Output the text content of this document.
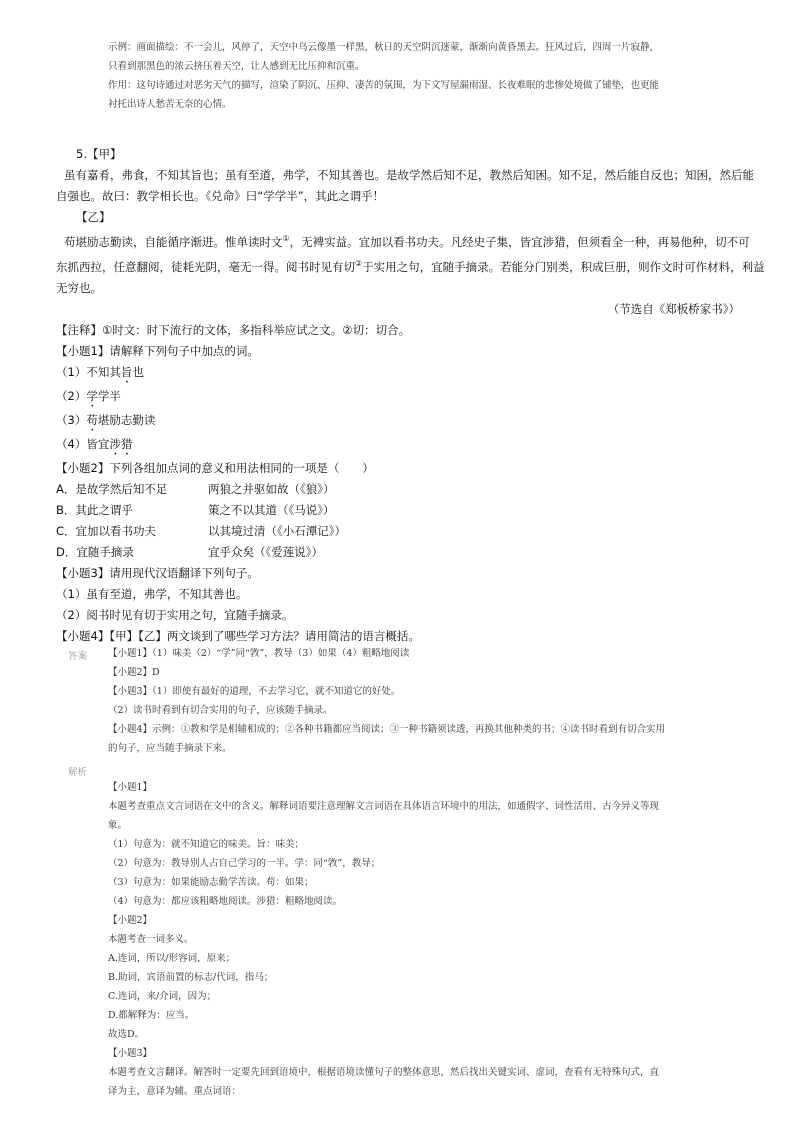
示例：画面描绘：不一会儿，风停了，天空中乌云像墨一样黑，秋日的天空阴沉迷蒙，渐渐向黄昏黑去。狂风过后，四周一片寂静，
只看到那黑色的浓云挤压着天空，让人感到无比压抑和沉重。
作用：这句诗通过对恶劣天气的描写，渲染了阴沉、压抑、凄苦的氛围，为下文写屋漏雨湿、长夜难眠的悲惨处境做了铺垫，也更能
衬托出诗人愁苦无奈的心情。
5.【甲】
虽有嘉肴，弗食，不知其旨也；虽有至道，弗学，不知其善也。是故学然后知不足，教然后知困。知不足，然后能自反也；知困，然后能
自强也。故曰：教学相长也。《兑命》曰“学学半”，其此之谓乎！
【乙】
苟堪励志勤读，自能循序渐进。惟单读时文①，无裨实益。宜加以看书功夫。凡经史子集，皆宜涉猎，但须看全一种，再易他种，切不可
东抓西拉，任意翻阅，徒耗光阴，毫无一得。阅书时见有切②于实用之句，宜随手摘录。若能分门别类，积成巨册，则作文时可作材料，利益
无穷也。
（节选自《郑板桥家书》）
【注释】①时文：时下流行的文体，多指科举应试之文。②切：切合。
【小题1】请解释下列句子中加点的词。
（1）不知其旨也
（2）学学半
（3）苟堪励志勤读
（4）皆宜涉猎
【小题2】下列各组加点词的意义和用法相同的一项是（　　）
A．是故学然后知不足	两狼之并驱如故（《狼》）
B．其此之谓乎	策之不以其道（《马说》）
C．宜加以看书功夫	以其境过清（《小石潭记》）
D．宜随手摘录	宜乎众矣（《爱莲说》）
【小题3】请用现代汉语翻译下列句子。
（1）虽有至道，弗学，不知其善也。
（2）阅书时见有切于实用之句，宜随手摘录。
【小题4】【甲】【乙】两文谈到了哪些学习方法？请用简洁的语言概括。
答案 【小题1】（1）味美（2）“学”同“敩”，教导（3）如果（4）粗略地阅读
【小题2】D
【小题3】（1）即使有最好的道理，不去学习它，就不知道它的好处。
（2）读书时看到有切合实用的句子，应该随手摘录。
【小题4】示例：①教和学是相辅相成的；②各种书籍都应当阅读；③一种书籍须读透，再换其他种类的书；④读书时看到有切合实用
的句子，应当随手摘录下来。
解析
【小题1】
本题考查重点文言词语在文中的含义。解释词语要注意理解文言词语在具体语言环境中的用法，如通假字、词性活用、古今异义等现
象。
（1）句意为：就不知道它的味美。旨：味美；
（2）句意为：教导别人占自己学习的一半。学：同“敩”，教导；
（3）句意为：如果能励志勤学苦读。苟：如果；
（4）句意为：都应该粗略地阅读。涉猎：粗略地阅读。
【小题2】
本题考查一词多义。
A.连词，所以/形容词，原来；
B.助词，宾语前置的标志/代词，指马；
C.连词，来/介词，因为；
D.都解释为：应当。
故选D。
【小题3】
本题考查文言翻译。解答时一定要先回到语境中，根据语境读懂句子的整体意思，然后找出关键实词、虚词，查看有无特殊句式，直
译为主，意译为辅。重点词语：
